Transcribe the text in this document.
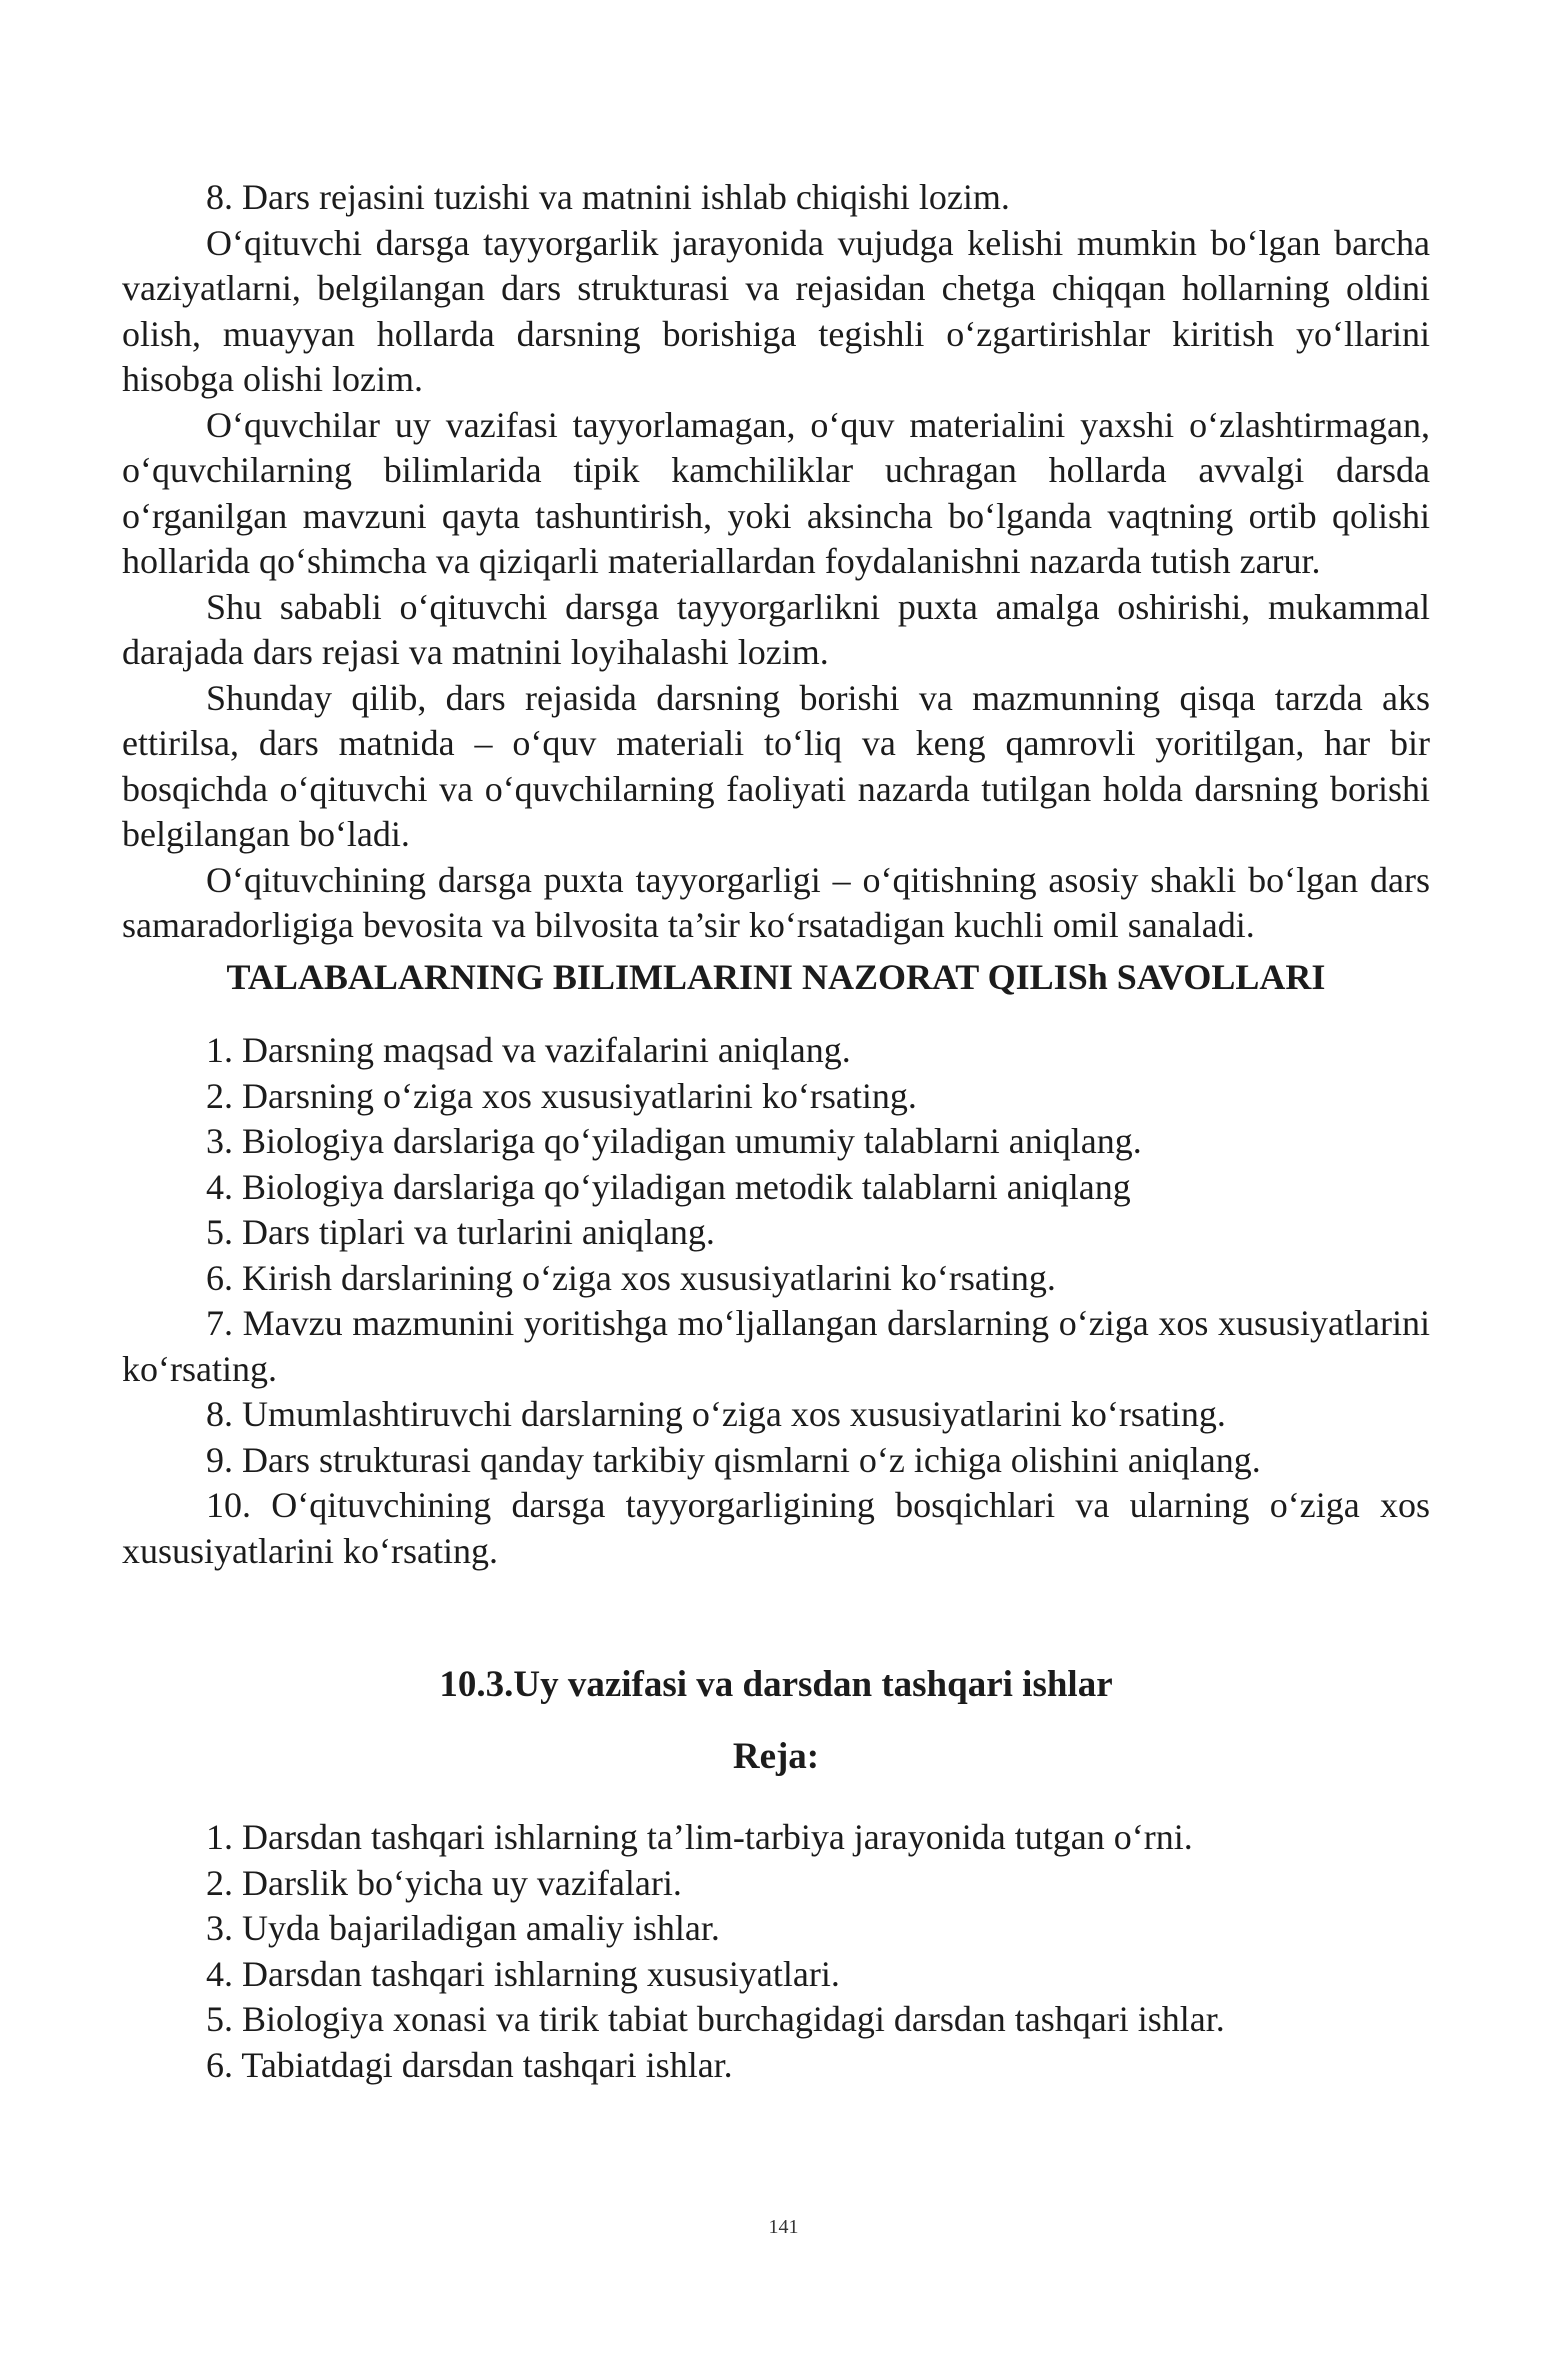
8. Dars rejasini tuzishi va matnini ishlab chiqishi lozim.

O‘qituvchi darsga tayyorgarlik jarayonida vujudga kelishi mumkin bo‘lgan barcha vaziyatlarni, belgilangan dars strukturasi va rejasidan chetga chiqqan hollarning oldini olish, muayyan hollarda darsning borishiga tegishli o‘zgartirishlar kiritish yo‘llarini hisobga olishi lozim.

O‘quvchilar uy vazifasi tayyorlamagan, o‘quv materialini yaxshi o‘zlashtirmagan, o‘quvchilarning bilimlarida tipik kamchiliklar uchragan hollarda avvalgi darsda o‘rganilgan mavzuni qayta tashuntirish, yoki aksincha bo‘lganda vaqtning ortib qolishi hollarida qo‘shimcha va qiziqarli materiallardan foydalanishni nazarda tutish zarur.

Shu sababli o‘qituvchi darsga tayyorgarlikni puxta amalga oshirishi, mukammal darajada dars rejasi va matnini loyihalashi lozim.

Shunday qilib, dars rejasida darsning borishi va mazmunning qisqa tarzda aks ettirilsa, dars matnida – o‘quv materiali to‘liq va keng qamrovli yoritilgan, har bir bosqichda o‘qituvchi va o‘quvchilarning faoliyati nazarda tutilgan holda darsning borishi belgilangan bo‘ladi.

O‘qituvchining darsga puxta tayyorgarligi – o‘qitishning asosiy shakli bo‘lgan dars samaradorligiga bevosita va bilvosita ta’sir ko‘rsatadigan kuchli omil sanaladi.

TALABALARNING BILIMLARINI NAZORAT QILISh SAVOLLARI
1. Darsning maqsad va vazifalarini aniqlang.
2. Darsning o‘ziga xos xususiyatlarini ko‘rsating.
3. Biologiya darslariga qo‘yiladigan umumiy talablarni aniqlang.
4. Biologiya darslariga qo‘yiladigan metodik talablarni aniqlang
5. Dars tiplari va turlarini aniqlang.
6. Kirish darslarining o‘ziga xos xususiyatlarini ko‘rsating.
7. Mavzu mazmunini yoritishga mo‘ljallangan darslarning o‘ziga xos xususiyatlarini ko‘rsating.
8. Umumlashtiruvchi darslarning o‘ziga xos xususiyatlarini ko‘rsating.
9. Dars strukturasi qanday tarkibiy qismlarni o‘z ichiga olishini aniqlang.
10. O‘qituvchining darsga tayyorgarligining bosqichlari va ularning o‘ziga xos xususiyatlarini ko‘rsating.
10.3.Uy vazifasi va darsdan tashqari ishlar
Reja:
1. Darsdan tashqari ishlarning ta’lim-tarbiya jarayonida tutgan o‘rni.
2. Darslik bo‘yicha uy vazifalari.
3. Uyda bajariladigan amaliy ishlar.
4. Darsdan tashqari ishlarning xususiyatlari.
5. Biologiya xonasi va tirik tabiat burchagidagi darsdan tashqari ishlar.
6. Tabiatdagi darsdan tashqari ishlar.
141
